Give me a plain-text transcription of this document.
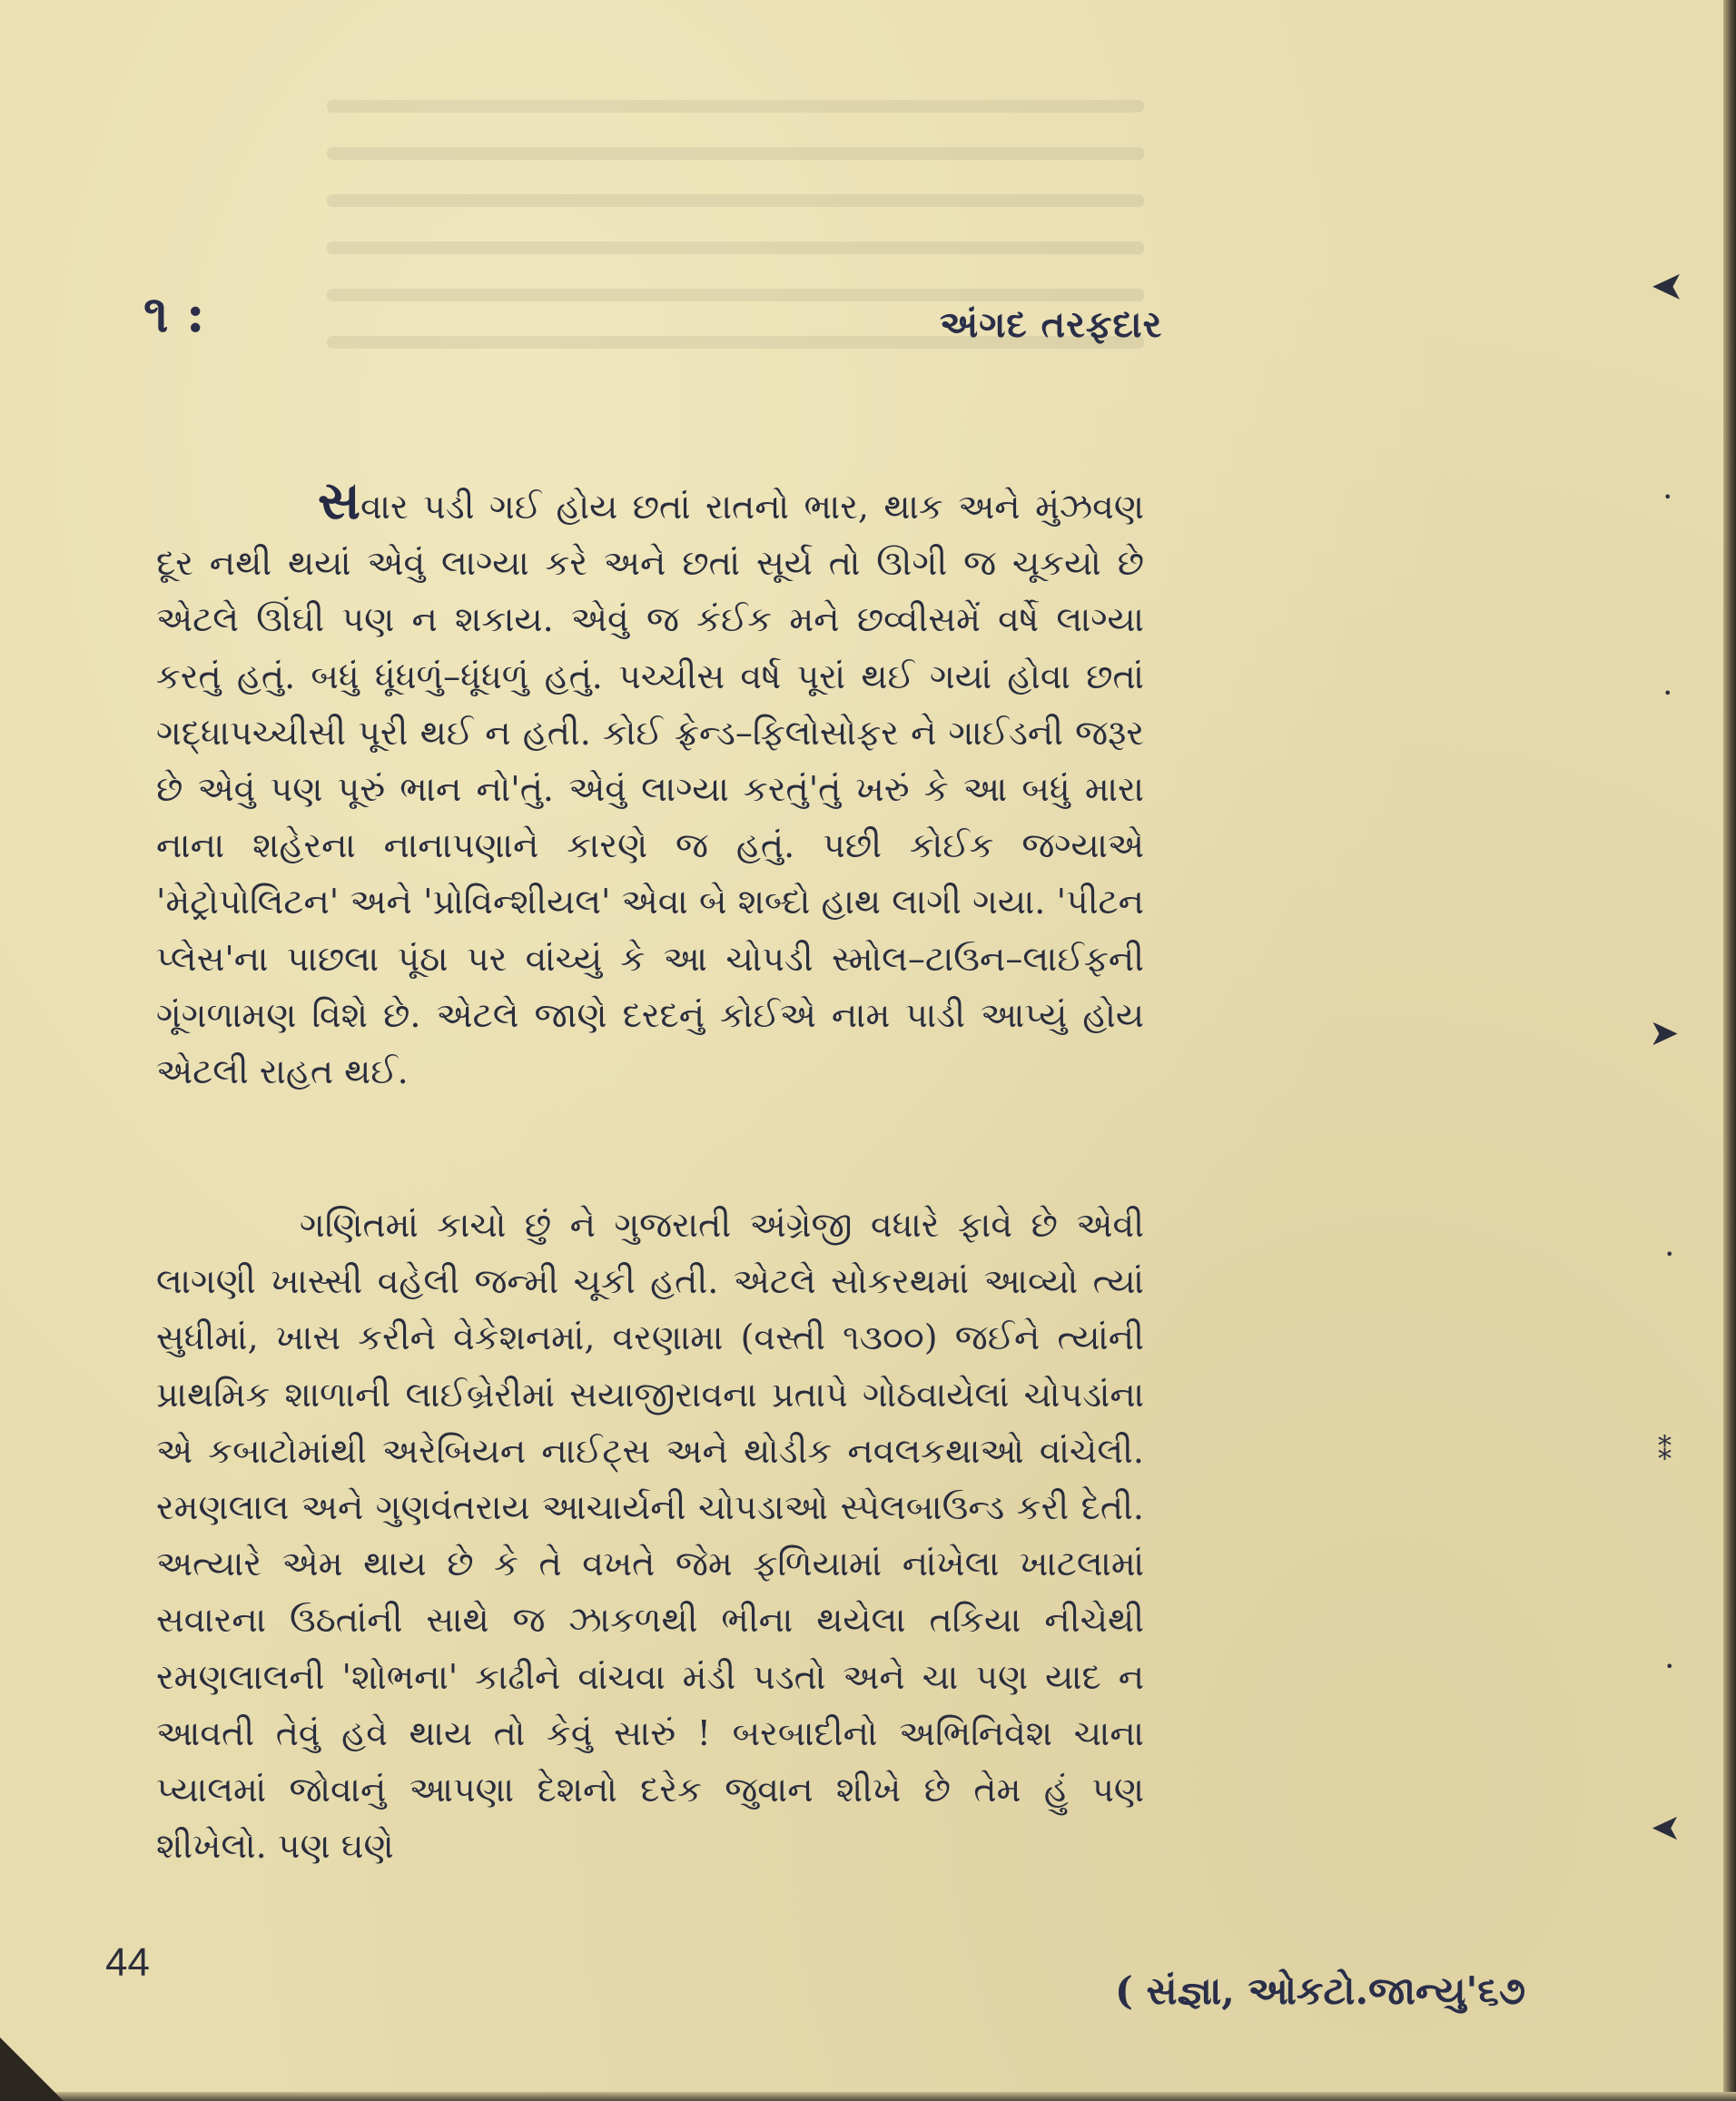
૧ :	અંગદ તરફદાર

સવાર પડી ગઈ હોય છતાં રાતનો ભાર, થાક અને મુંઝવણ દૂર નથી થયાં એવું લાગ્યા કરે અને છતાં સૂર્ય તો ઊગી જ ચૂકયો છે એટલે ઊંઘી પણ ન શકાય. એવું જ કંઈક મને છવ્વીસમેં વર્ષે લાગ્યા કરતું હતું. બધું ધૂંધળું–ધૂંધળું હતું. પચ્ચીસ વર્ષ પૂરાં થઈ ગયાં હોવા છતાં ગદ્ધાપચ્ચીસી પૂરી થઈ ન હતી. કોઈ ફ્રેન્ડ–ફિલોસોફર ને ગાઈડની જરૂર છે એવું પણ પૂરું ભાન નો'તું. એવું લાગ્યા કરતું'તું ખરું કે આ બધું મારા નાના શહેરના નાનાપણાને કારણે જ હતું. પછી કોઈક જગ્યાએ 'મેટ્રોપોલિટન' અને 'પ્રોવિન્શીયલ' એવા બે શબ્દો હાથ લાગી ગયા. 'પીટન પ્લેસ'ના પાછલા પૂંઠા પર વાંચ્યું કે આ ચોપડી સ્મોલ–ટાઉન–લાઈફની ગૂંગળામણ વિશે છે. એટલે જાણે દરદનું કોઈએ નામ પાડી આપ્યું હોય એટલી રાહત થઈ.

ગણિતમાં કાચો છું ને ગુજરાતી અંગ્રેજી વધારે ફાવે છે એવી લાગણી ખાસ્સી વહેલી જન્મી ચૂકી હતી. એટલે સોકરથમાં આવ્યો ત્યાં સુધીમાં, ખાસ કરીને વેકેશનમાં, વરણામા (વસ્તી ૧૩૦૦) જઈને ત્યાંની પ્રાથમિક શાળાની લાઈબ્રેરીમાં સયાજીરાવના પ્રતાપે ગોઠવાયેલાં ચોપડાંના એ કબાટોમાંથી અરેબિયન નાઈટ્સ અને થોડીક નવલકથાઓ વાંચેલી. રમણલાલ અને ગુણવંતરાય આચાર્યની ચોપડાઓ સ્પેલબાઉન્ડ કરી દેતી. અત્યારે એમ થાય છે કે તે વખતે જેમ ફળિયામાં નાંખેલા ખાટલામાં સવારના ઉઠતાંની સાથે જ ઝાકળથી ભીના થયેલા તકિયા નીચેથી રમણલાલની 'શોભના' કાઢીને વાંચવા મંડી પડતો અને ચા પણ યાદ ન આવતી તેવું હવે થાય તો કેવું સારું ! બરબાદીનો અભિનિવેશ ચાના પ્યાલમાં જોવાનું આપણા દેશનો દરેક જુવાન શીખે છે તેમ હું પણ શીખેલો. પણ ઘણે

44
( સંજ્ઞા, ઓકટો.જાન્યુ'૬૭
➤
•
•
➤
•
⁑
•
➤
